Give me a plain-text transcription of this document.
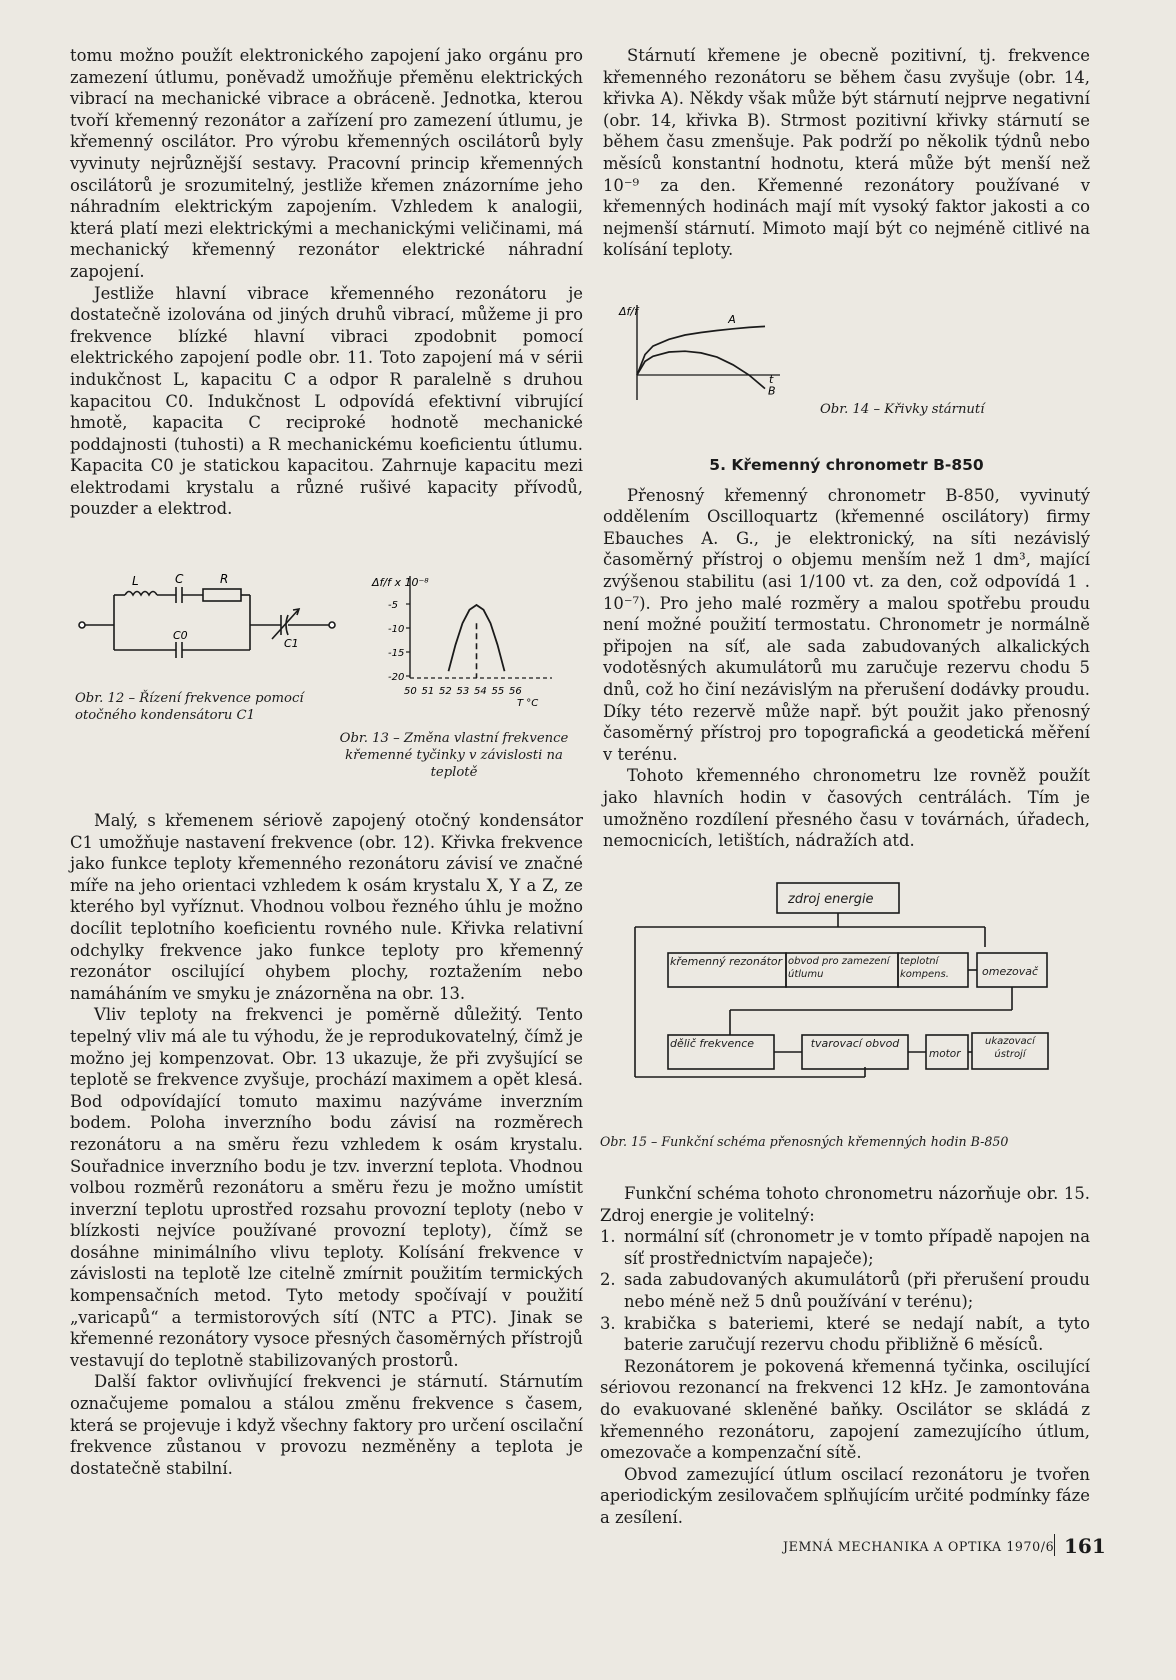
tomu možno použít elektronického zapojení jako orgánu pro zamezení útlumu, poněvadž umožňuje přeměnu elektrických vibrací na mechanické vibrace a obráceně. Jednotka, kterou tvoří křemenný rezonátor a zařízení pro zamezení útlumu, je křemenný oscilátor. Pro výrobu křemenných oscilátorů byly vyvinuty nejrůznější sestavy. Pracovní princip křemenných oscilátorů je srozumitelný, jestliže křemen znázorníme jeho náhradním elektrickým zapojením. Vzhledem k analogii, která platí mezi elektrickými a mechanickými veličinami, má mechanický křemenný rezonátor elektrické náhradní zapojení.

Jestliže hlavní vibrace křemenného rezonátoru je dostatečně izolována od jiných druhů vibrací, můžeme ji pro frekvence blízké hlavní vibraci zpodobnit pomocí elektrického zapojení podle obr. 11. Toto zapojení má v sérii indukčnost L, kapacitu C a odpor R paralelně s druhou kapacitou C0. Indukčnost L odpovídá efektivní vibrující hmotě, kapacita C reciproké hodnotě mechanické poddajnosti (tuhosti) a R mechanickému koeficientu útlumu. Kapacita C0 je statickou kapacitou. Zahrnuje kapacitu mezi elektrodami krystalu a různé rušivé kapacity přívodů, pouzder a elektrod.

L	C	R
C0
C1
Obr. 12 – Řízení frekvence pomocí otočného kondensátoru C1
Δf/f x 10⁻⁸
T °C
-5
-10
-15
-20
50 51 52 53 54 55 56
Obr. 13 – Změna vlastní frekvence křemenné tyčinky v závislosti na teplotě

Malý, s křemenem sériově zapojený otočný kondensátor C1 umožňuje nastavení frekvence (obr. 12). Křivka frekvence jako funkce teploty křemenného rezonátoru závisí ve značné míře na jeho orientaci vzhledem k osám krystalu X, Y a Z, ze kterého byl vyříznut. Vhodnou volbou řezného úhlu je možno docílit teplotního koeficientu rovného nule. Křivka relativní odchylky frekvence jako funkce teploty pro křemenný rezonátor oscilující ohybem plochy, roztažením nebo namáháním ve smyku je znázorněna na obr. 13.

Vliv teploty na frekvenci je poměrně důležitý. Tento tepelný vliv má ale tu výhodu, že je reprodukovatelný, čímž je možno jej kompenzovat. Obr. 13 ukazuje, že při zvyšující se teplotě se frekvence zvyšuje, prochází maximem a opět klesá. Bod odpovídající tomuto maximu nazýváme inverzním bodem. Poloha inverzního bodu závisí na rozměrech rezonátoru a na směru řezu vzhledem k osám krystalu. Souřadnice inverzního bodu je tzv. inverzní teplota. Vhodnou volbou rozměrů rezonátoru a směru řezu je možno umístit inverzní teplotu uprostřed rozsahu provozní teploty (nebo v blízkosti nejvíce používané provozní teploty), čímž se dosáhne minimálního vlivu teploty. Kolísání frekvence v závislosti na teplotě lze citelně zmírnit použitím termických kompensačních metod. Tyto metody spočívají v použití „varicapů“ a termistorových sítí (NTC a PTC). Jinak se křemenné rezonátory vysoce přesných časoměrných přístrojů vestavují do teplotně stabilizovaných prostorů.

Další faktor ovlivňující frekvenci je stárnutí. Stárnutím označujeme pomalou a stálou změnu frekvence s časem, která se projevuje i když všechny faktory pro určení oscilační frekvence zůstanou v provozu nezměněny a teplota je dostatečně stabilní.

Stárnutí křemene je obecně pozitivní, tj. frekvence křemenného rezonátoru se během času zvyšuje (obr. 14, křivka A). Někdy však může být stárnutí nejprve negativní (obr. 14, křivka B). Strmost pozitivní křivky stárnutí se během času zmenšuje. Pak podrží po několik týdnů nebo měsíců konstantní hodnotu, která může být menší než 10⁻⁹ za den. Křemenné rezonátory používané v křemenných hodinách mají mít vysoký faktor jakosti a co nejmenší stárnutí. Mimoto mají být co nejméně citlivé na kolísání teploty.

Δf/f
t
A
B
Obr. 14 – Křivky stárnutí

5. Křemenný chronometr B-850

Přenosný křemenný chronometr B-850, vyvinutý oddělením Oscilloquartz (křemenné oscilátory) firmy Ebauches A. G., je elektronický, na síti nezávislý časoměrný přístroj o objemu menším než 1 dm³, mající zvýšenou stabilitu (asi 1/100 vt. za den, což odpovídá 1 . 10⁻⁷). Pro jeho malé rozměry a malou spotřebu proudu není možné použití termostatu. Chronometr je normálně připojen na síť, ale sada zabudovaných alkalických vodotěsných akumulátorů mu zaručuje rezervu chodu 5 dnů, což ho činí nezávislým na přerušení dodávky proudu. Díky této rezervě může např. být použit jako přenosný časoměrný přístroj pro topografická a geodetická měření v terénu.

Tohoto křemenného chronometru lze rovněž použít jako hlavních hodin v časových centrálách. Tím je umožněno rozdílení přesného času v továrnách, úřadech, nemocnicích, letištích, nádražích atd.

zdroj energie
křemenný rezonátor obvod pro zamezení útlumu
teplotní kompens.	omezovač
dělič frekvence	tvarovací obvod
motor
ukazovací ústrojí
Obr. 15 – Funkční schéma přenosných křemenných hodin B-850

Funkční schéma tohoto chronometru názorňuje obr. 15. Zdroj energie je volitelný:

1. normální síť (chronometr je v tomto případě napojen na síť prostřednictvím napaječe);
2. sada zabudovaných akumulátorů (při přerušení proudu nebo méně než 5 dnů používání v terénu);
3. krabička s bateriemi, které se nedají nabít, a tyto baterie zaručují rezervu chodu přibližně 6 měsíců.

Rezonátorem je pokovená křemenná tyčinka, oscilující sériovou rezonancí na frekvenci 12 kHz. Je zamontována do evakuované skleněné baňky. Oscilátor se skládá z křemenného rezonátoru, zapojení zamezujícího útlum, omezovače a kompenzační sítě.

Obvod zamezující útlum oscilací rezonátoru je tvořen aperiodickým zesilovačem splňujícím určité podmínky fáze a zesílení.

JEMNÁ MECHANIKA A OPTIKA 1970/6 161
